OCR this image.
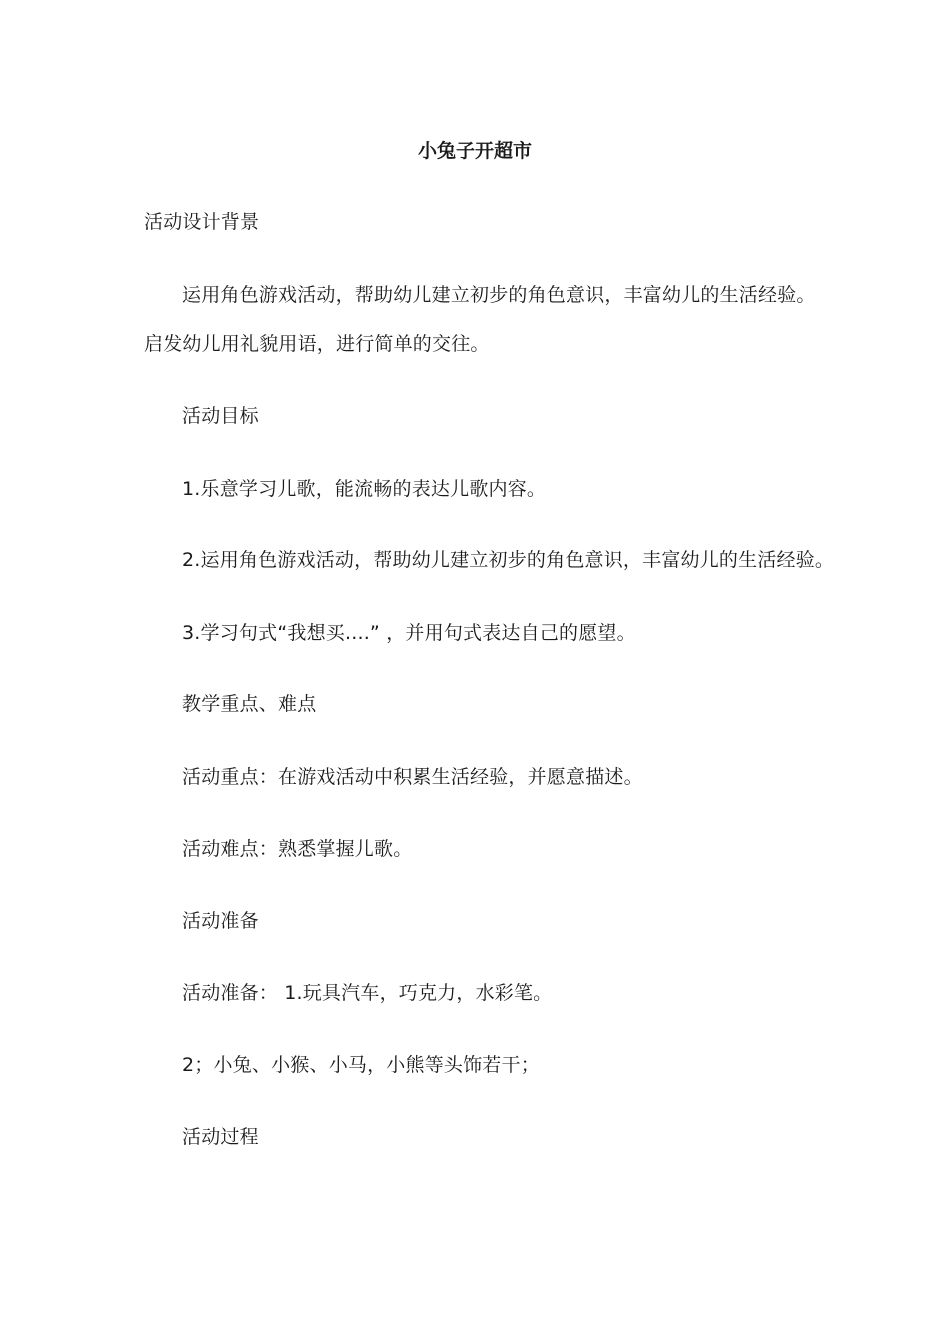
小兔子开超市
活动设计背景
运用角色游戏活动，帮助幼儿建立初步的角色意识，丰富幼儿的生活经验。
启发幼儿用礼貌用语，进行简单的交往。
活动目标
1.乐意学习儿歌，能流畅的表达儿歌内容。
2.运用角色游戏活动，帮助幼儿建立初步的角色意识，丰富幼儿的生活经验。
3.学习句式“我想买....” ，并用句式表达自己的愿望。
教学重点、难点
活动重点：在游戏活动中积累生活经验，并愿意描述。
活动难点：熟悉掌握儿歌。
活动准备
活动准备： 1.玩具汽车，巧克力，水彩笔。
2；小兔、小猴、小马，小熊等头饰若干；
活动过程
